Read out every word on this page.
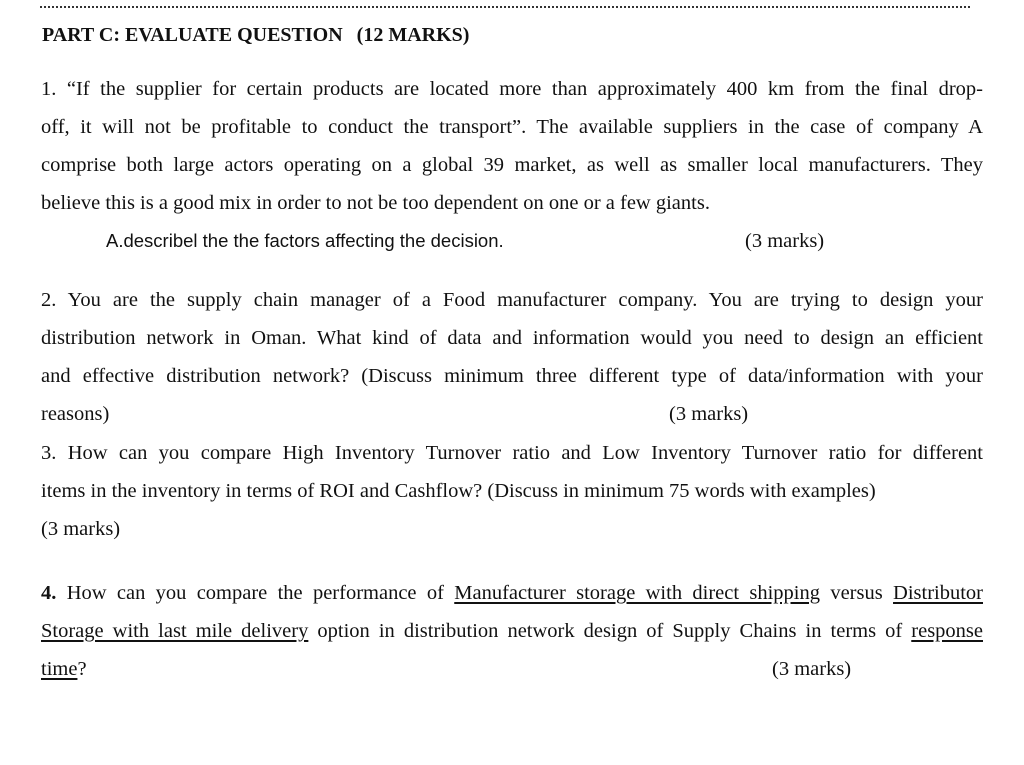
PART C: EVALUATE QUESTION (12 MARKS)
1. “If the supplier for certain products are located more than approximately 400 km from the final drop-
off, it will not be profitable to conduct the transport”. The available suppliers in the case of company A
comprise both large actors operating on a global 39 market, as well as smaller local manufacturers. They
believe this is a good mix in order to not be too dependent on one or a few giants.
A.describel the the factors affecting the decision.	(3 marks)
2. You are the supply chain manager of a Food manufacturer company. You are trying to design your
distribution network in Oman. What kind of data and information would you need to design an efficient
and effective distribution network? (Discuss minimum three different type of data/information with your
reasons)	(3 marks)
3. How can you compare High Inventory Turnover ratio and Low Inventory Turnover ratio for different
items in the inventory in terms of ROI and Cashflow? (Discuss in minimum 75 words with examples)
(3 marks)
4. How can you compare the performance of Manufacturer storage with direct shipping versus Distributor
Storage with last mile delivery option in distribution network design of Supply Chains in terms of response
time?	(3 marks)
